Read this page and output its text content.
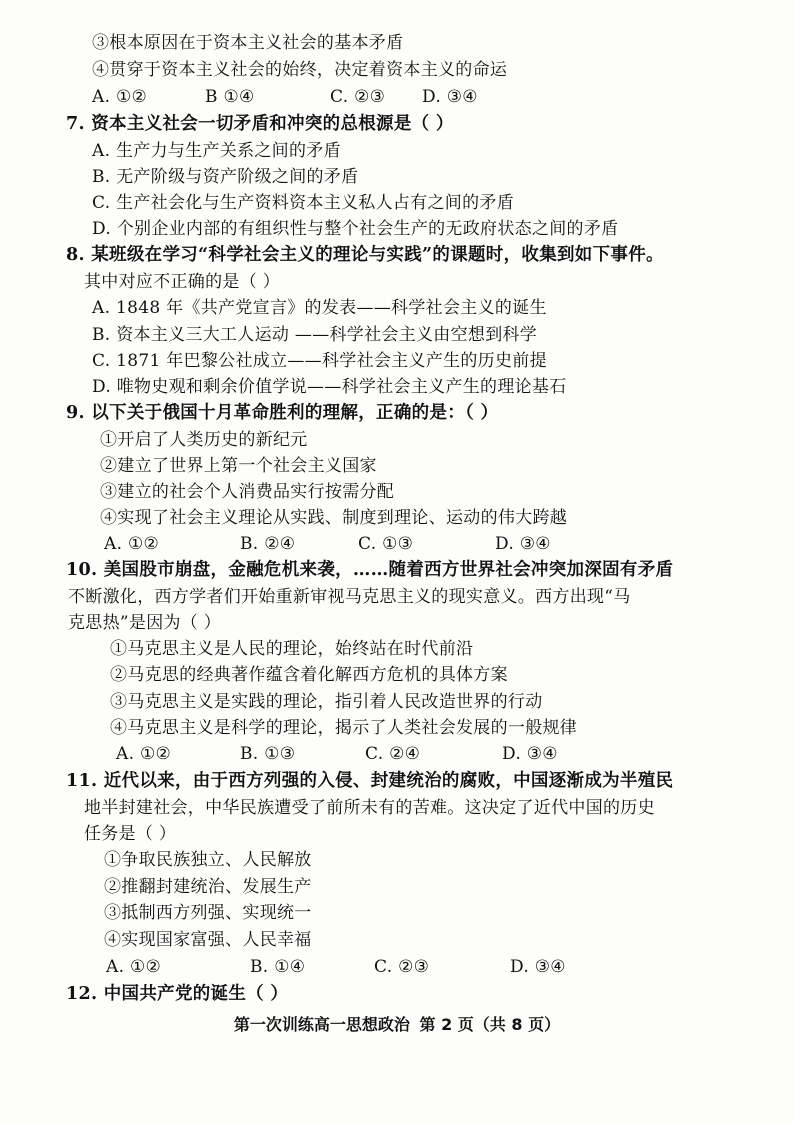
③根本原因在于资本主义社会的基本矛盾
④贯穿于资本主义社会的始终，决定着资本主义的命运
A. ①②	B ①④	C. ②③ D. ③④
7. 资本主义社会一切矛盾和冲突的总根源是（ ）
A. 生产力与生产关系之间的矛盾
B. 无产阶级与资产阶级之间的矛盾
C. 生产社会化与生产资料资本主义私人占有之间的矛盾
D. 个别企业内部的有组织性与整个社会生产的无政府状态之间的矛盾
8. 某班级在学习“科学社会主义的理论与实践”的课题时，收集到如下事件。
其中对应不正确的是（ ）
A. 1848 年《共产党宣言》的发表——科学社会主义的诞生
B. 资本主义三大工人运动 ——科学社会主义由空想到科学
C. 1871 年巴黎公社成立——科学社会主义产生的历史前提
D. 唯物史观和剩余价值学说——科学社会主义产生的理论基石
9. 以下关于俄国十月革命胜利的理解，正确的是：（ ）
①开启了人类历史的新纪元
②建立了世界上第一个社会主义国家
③建立的社会个人消费品实行按需分配
④实现了社会主义理论从实践、制度到理论、运动的伟大跨越
A. ①②	B. ②④	C. ①③	D. ③④
10. 美国股市崩盘，金融危机来袭，……随着西方世界社会冲突加深固有矛盾
不断激化，西方学者们开始重新审视马克思主义的现实意义。西方出现“马
克思热”是因为（ ）
①马克思主义是人民的理论，始终站在时代前沿
②马克思的经典著作蕴含着化解西方危机的具体方案
③马克思主义是实践的理论，指引着人民改造世界的行动
④马克思主义是科学的理论，揭示了人类社会发展的一般规律
A. ①②	B. ①③	C. ②④	D. ③④
11. 近代以来，由于西方列强的入侵、封建统治的腐败，中国逐渐成为半殖民
地半封建社会，中华民族遭受了前所未有的苦难。这决定了近代中国的历史
任务是（ ）
①争取民族独立、人民解放
②推翻封建统治、发展生产
③抵制西方列强、实现统一
④实现国家富强、人民幸福
A. ①②	B. ①④	C. ②③	D. ③④
12. 中国共产党的诞生（ ）
第一次训练高一思想政治 第 2 页（共 8 页）
